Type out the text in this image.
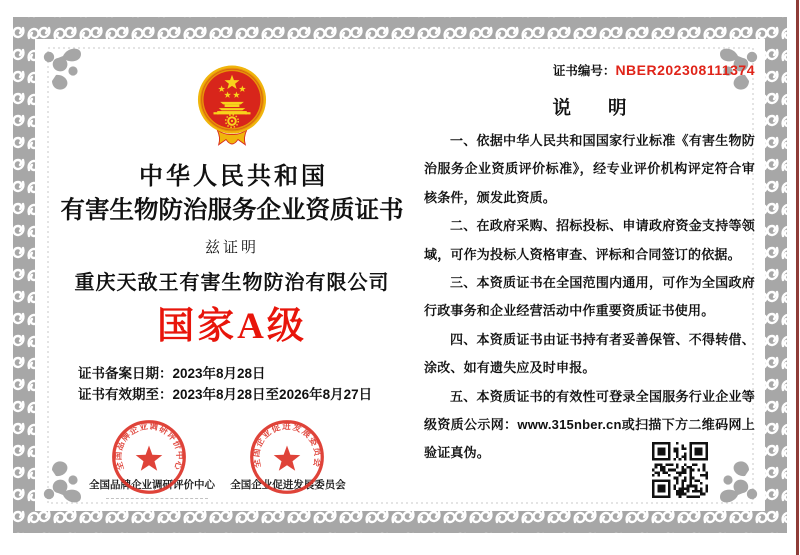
中华人民共和国
有害生物防治服务企业资质证书
兹证明
重庆天敌王有害生物防治有限公司
国家A级
证书备案日期：2023年8月28日
证书有效期至：2023年8月28日至2026年8月27日
全国品牌企业调研评价中心	全国企业促进发展委员会
全国品牌企业调研评价中心	全国企业促进发展委员会
证书编号：NBER202308111374
说　　明

一、依据中华人民共和国国家行业标准《有害生物防治服务企业资质评价标准》，经专业评价机构评定符合审核条件，颁发此资质。

二、在政府采购、招标投标、申请政府资金支持等领域，可作为投标人资格审查、评标和合同签订的依据。

三、本资质证书在全国范围内通用，可作为全国政府行政事务和企业经营活动中作重要资质证书使用。

四、本资质证书由证书持有者妥善保管、不得转借、涂改、如有遗失应及时申报。

五、本资质证书的有效性可登录全国服务行业企业等级资质公示网：www.315nber.cn或扫描下方二维码网上验证真伪。
